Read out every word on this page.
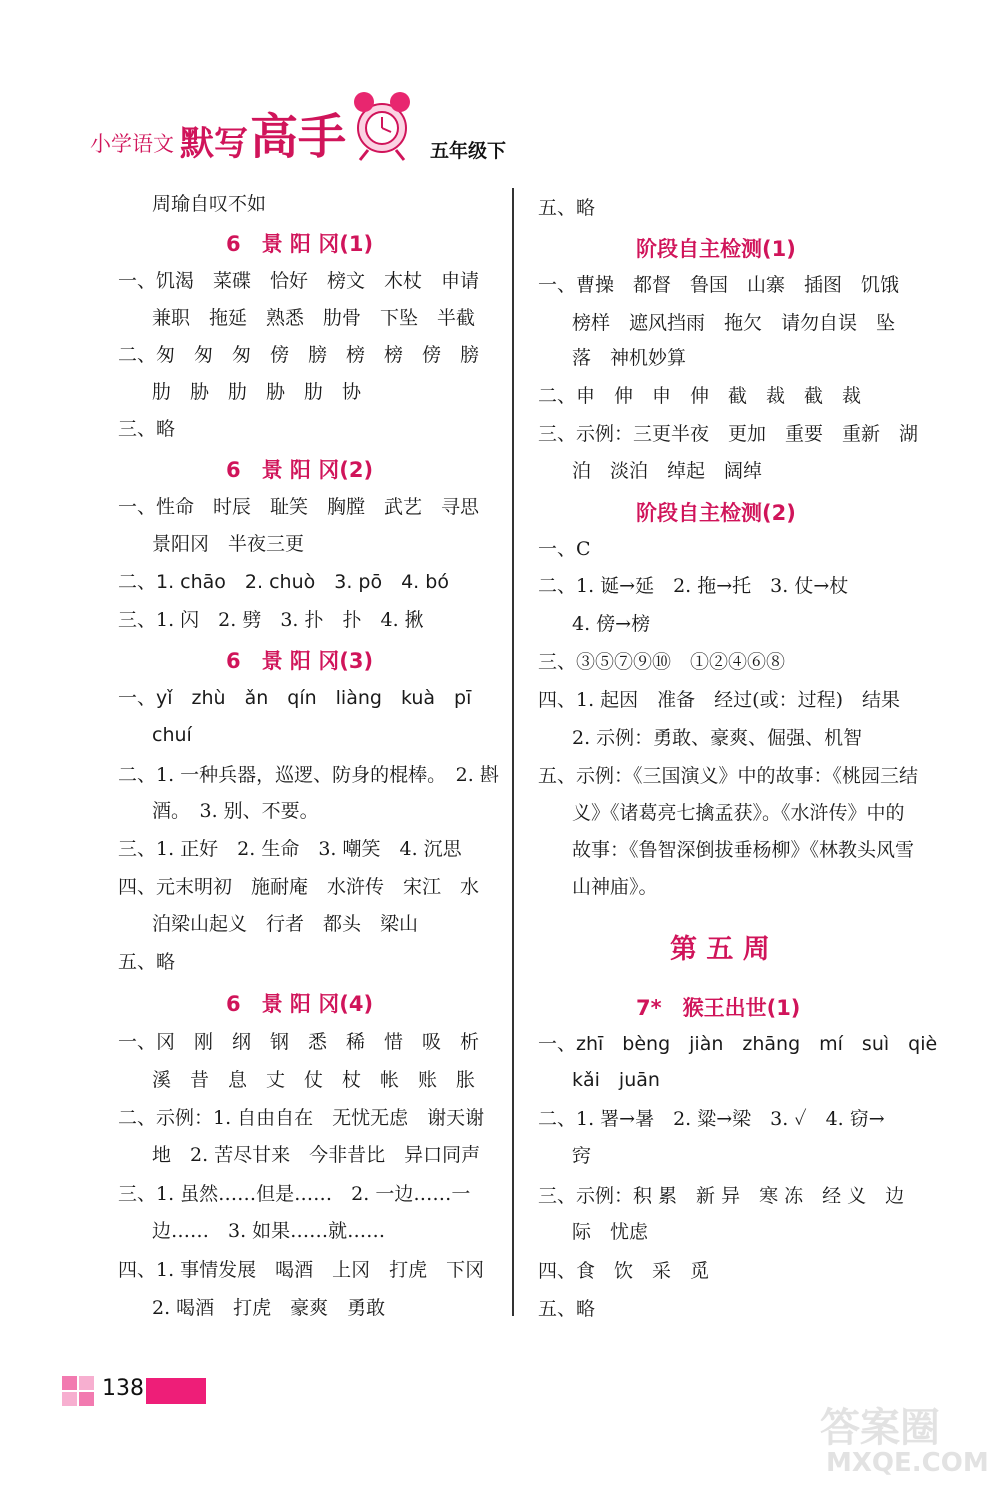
小学语文 默写 高手	五年级下
周瑜自叹不如
6　景 阳 冈(1)
一、饥渴　菜碟　恰好　榜文　木杖　申请
兼职　拖延　熟悉　肋骨　下坠　半截
二、匆　匆　匆　傍　膀　榜　榜　傍　膀
肋　胁　肋　胁　肋　协
三、略
6　景 阳 冈(2)
一、性命　时辰　耻笑　胸膛　武艺　寻思
景阳冈　半夜三更
二、1. chāo　2. chuò　3. pō　4. bó
三、1. 闪　2. 劈　3. 扑　扑　4. 揪
6　景 阳 冈(3)
一、yǐ　zhù　ǎn　qín　liàng　kuà　pī
chuí
二、1. 一种兵器，巡逻、防身的棍棒。　2. 斟
酒。　3. 别、不要。
三、1. 正好　2. 生命　3. 嘲笑　4. 沉思
四、元末明初　施耐庵　水浒传　宋江　水
泊梁山起义　行者　都头　梁山
五、略
6　景 阳 冈(4)
一、冈　刚　纲　钢　悉　稀　惜　吸　析
溪　昔　息　丈　仗　杖　帐　账　胀
二、示例：1. 自由自在　无忧无虑　谢天谢
地　2. 苦尽甘来　今非昔比　异口同声
三、1. 虽然……但是……　2. 一边……一
边……　3. 如果……就……
四、1. 事情发展　喝酒　上冈　打虎　下冈
2. 喝酒　打虎　豪爽　勇敢
五、略
阶段自主检测(1)
一、曹操　都督　鲁国　山寨　插图　饥饿
榜样　遮风挡雨　拖欠　请勿自误　坠
落　神机妙算
二、申　伸　申　伸　截　裁　截　裁
三、示例：三更半夜　更加　重要　重新　湖
泊　淡泊　绰起　阔绰
阶段自主检测(2)
一、C
二、1. 诞→延　2. 拖→托　3. 仗→杖
4. 傍→榜
三、③⑤⑦⑨⑩　①②④⑥⑧
四、1. 起因　准备　经过(或：过程)　结果
2. 示例：勇敢、豪爽、倔强、机智
五、示例：《三国演义》中的故事：《桃园三结
义》《诸葛亮七擒孟获》。《水浒传》中的
故事：《鲁智深倒拔垂杨柳》《林教头风雪
山神庙》。
第 五 周
7*　猴王出世(1)
一、zhī　bèng　jiàn　zhāng　mí　suì　qiè
kǎi　juān
二、1. 署→暑　2. 粱→梁　3. ✓　4. 窃→
窍
三、示例：积 累　新 异　寒 冻　经 义　边
际　忧虑
四、食　饮　采　觅
五、略
138
答案圈
MXQE.COM
